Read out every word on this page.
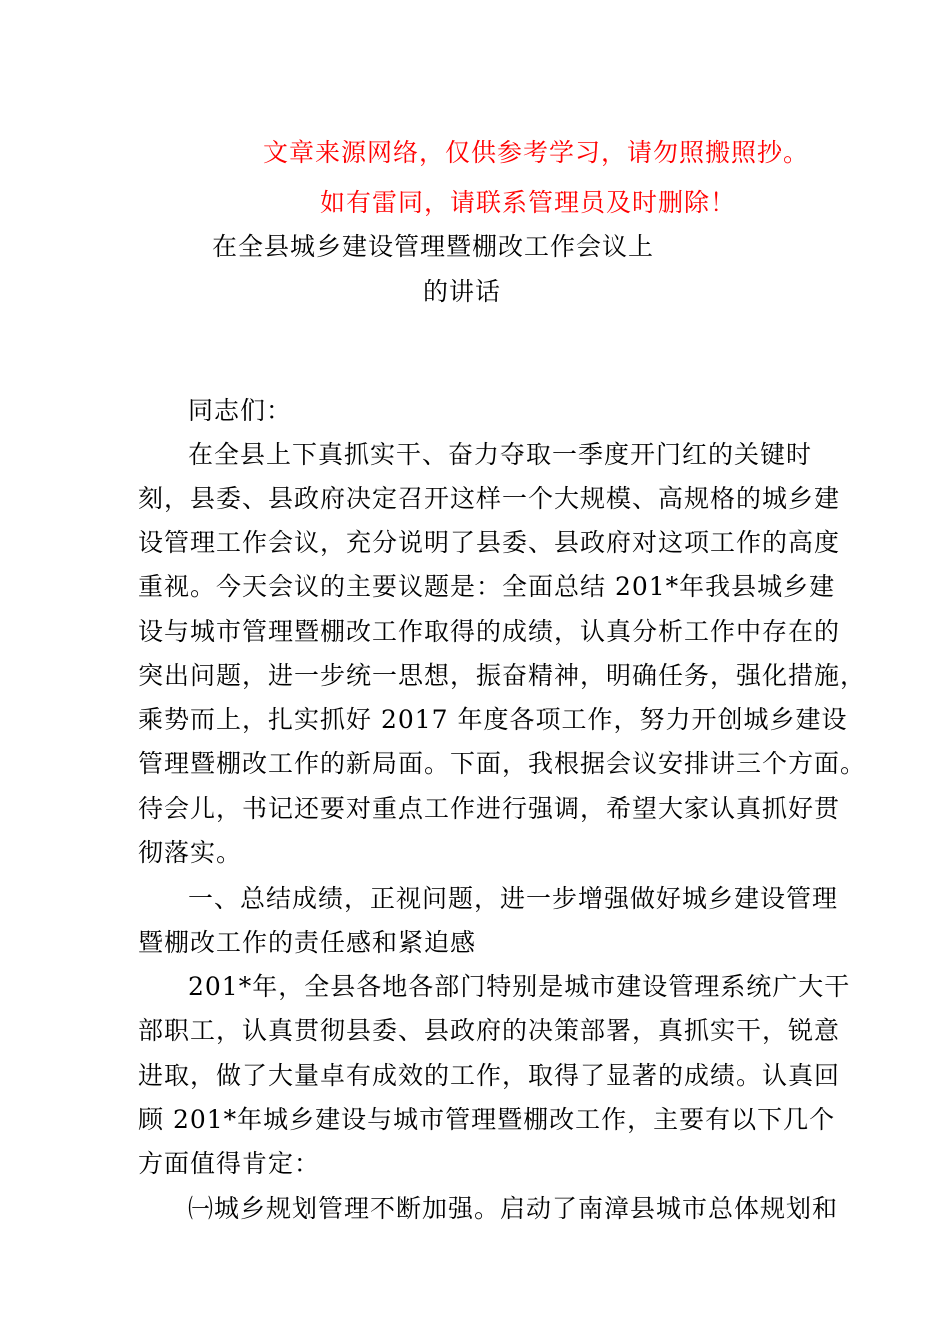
文章来源网络，仅供参考学习，请勿照搬照抄。
如有雷同，请联系管理员及时删除！
在全县城乡建设管理暨棚改工作会议上
的讲话
同志们：
在全县上下真抓实干、奋力夺取一季度开门红的关键时
刻，县委、县政府决定召开这样一个大规模、高规格的城乡建
设管理工作会议，充分说明了县委、县政府对这项工作的高度
重视。今天会议的主要议题是：全面总结 201*年我县城乡建
设与城市管理暨棚改工作取得的成绩，认真分析工作中存在的
突出问题，进一步统一思想，振奋精神，明确任务，强化措施，
乘势而上，扎实抓好 2017 年度各项工作，努力开创城乡建设
管理暨棚改工作的新局面。下面，我根据会议安排讲三个方面。
待会儿，书记还要对重点工作进行强调，希望大家认真抓好贯
彻落实。
一、总结成绩，正视问题，进一步增强做好城乡建设管理
暨棚改工作的责任感和紧迫感
201*年，全县各地各部门特别是城市建设管理系统广大干
部职工，认真贯彻县委、县政府的决策部署，真抓实干，锐意
进取，做了大量卓有成效的工作，取得了显著的成绩。认真回
顾 201*年城乡建设与城市管理暨棚改工作，主要有以下几个
方面值得肯定：
㈠城乡规划管理不断加强。启动了南漳县城市总体规划和
